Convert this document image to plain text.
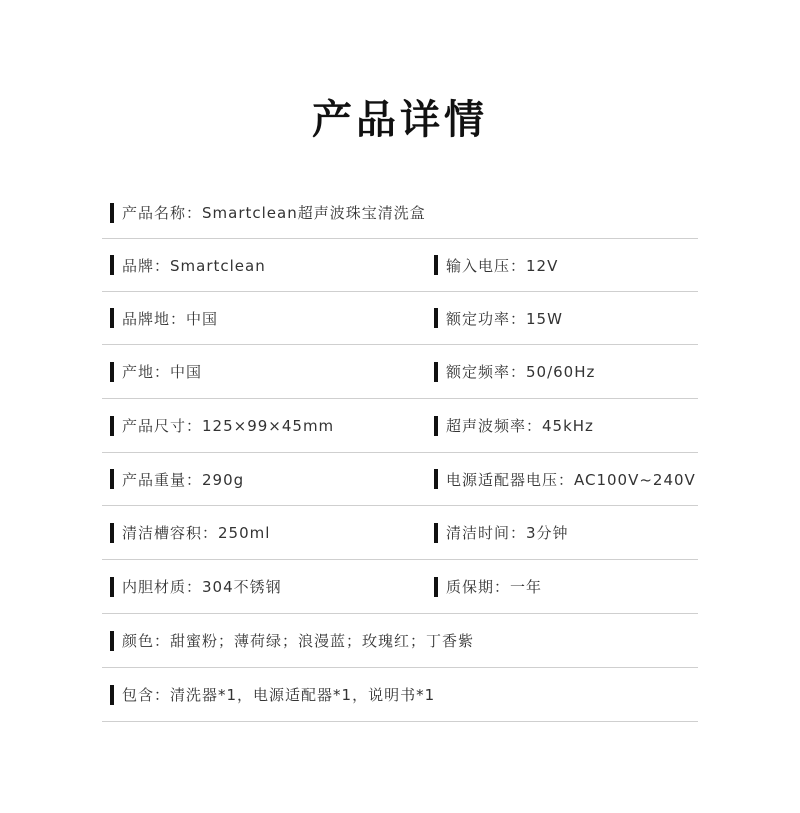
产品详情
产品名称：Smartclean超声波珠宝清洗盒
品牌：Smartclean	输入电压：12V
品牌地：中国	额定功率：15W
产地：中国	额定频率：50/60Hz
产品尺寸：125×99×45mm	超声波频率：45kHz
产品重量：290g	电源适配器电压：AC100V~240V
清洁槽容积：250ml	清洁时间：3分钟
内胆材质：304不锈钢	质保期：一年
颜色：甜蜜粉；薄荷绿；浪漫蓝；玫瑰红；丁香紫
包含：清洗器*1，电源适配器*1，说明书*1
